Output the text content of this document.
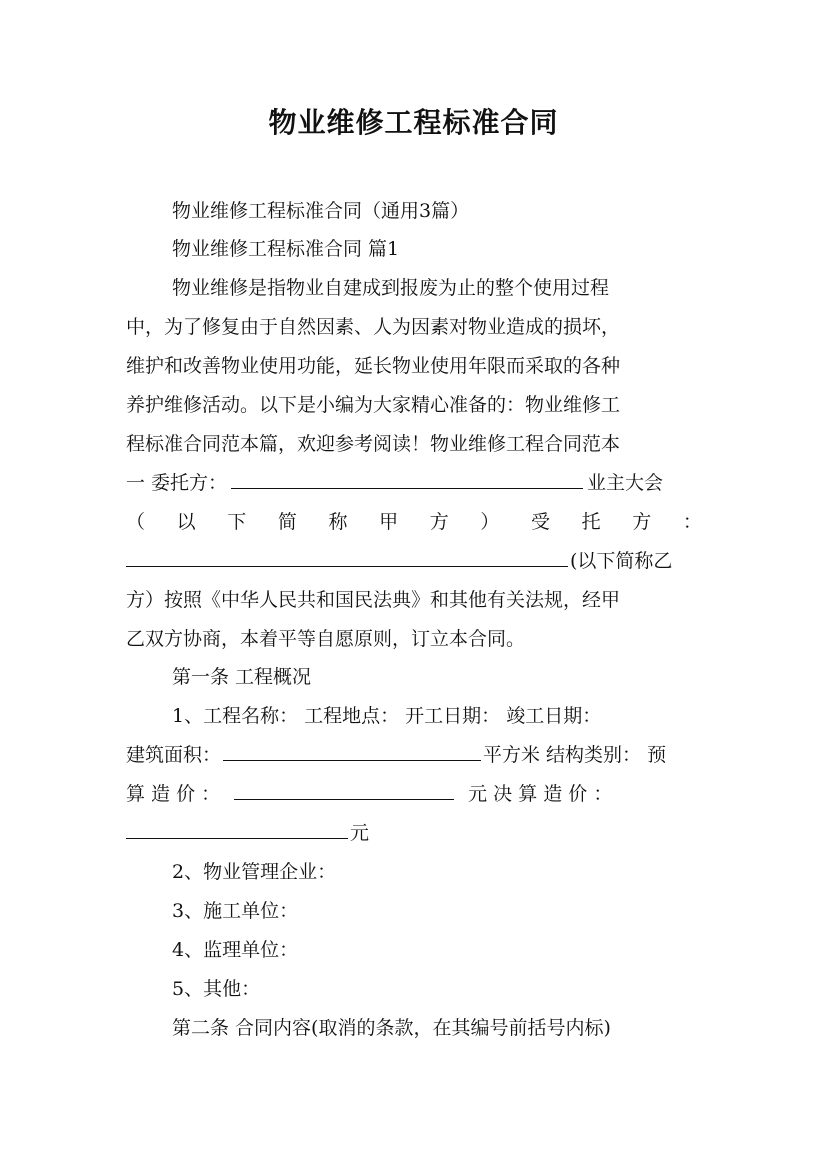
物业维修工程标准合同
物业维修工程标准合同（通用3篇）
物业维修工程标准合同 篇1
物业维修是指物业自建成到报废为止的整个使用过程
中，为了修复由于自然因素、人为因素对物业造成的损坏，
维护和改善物业使用功能，延长物业使用年限而采取的各种
养护维修活动。以下是小编为大家精心准备的：物业维修工
程标准合同范本篇，欢迎参考阅读！物业维修工程合同范本
一 委托方：	业主大会
（ 以 下 简 称 甲 方 ） 受 托 方 ：
(以下简称乙
方）按照《中华人民共和国民法典》和其他有关法规，经甲
乙双方协商，本着平等自愿原则，订立本合同。
第一条 工程概况
1、工程名称： 工程地点： 开工日期： 竣工日期：
建筑面积：	平方米 结构类别： 预
算 造 价 ：	元 决 算 造 价 ：
元
2、物业管理企业：
3、施工单位：
4、监理单位：
5、其他：
第二条 合同内容(取消的条款，在其编号前括号内标)
